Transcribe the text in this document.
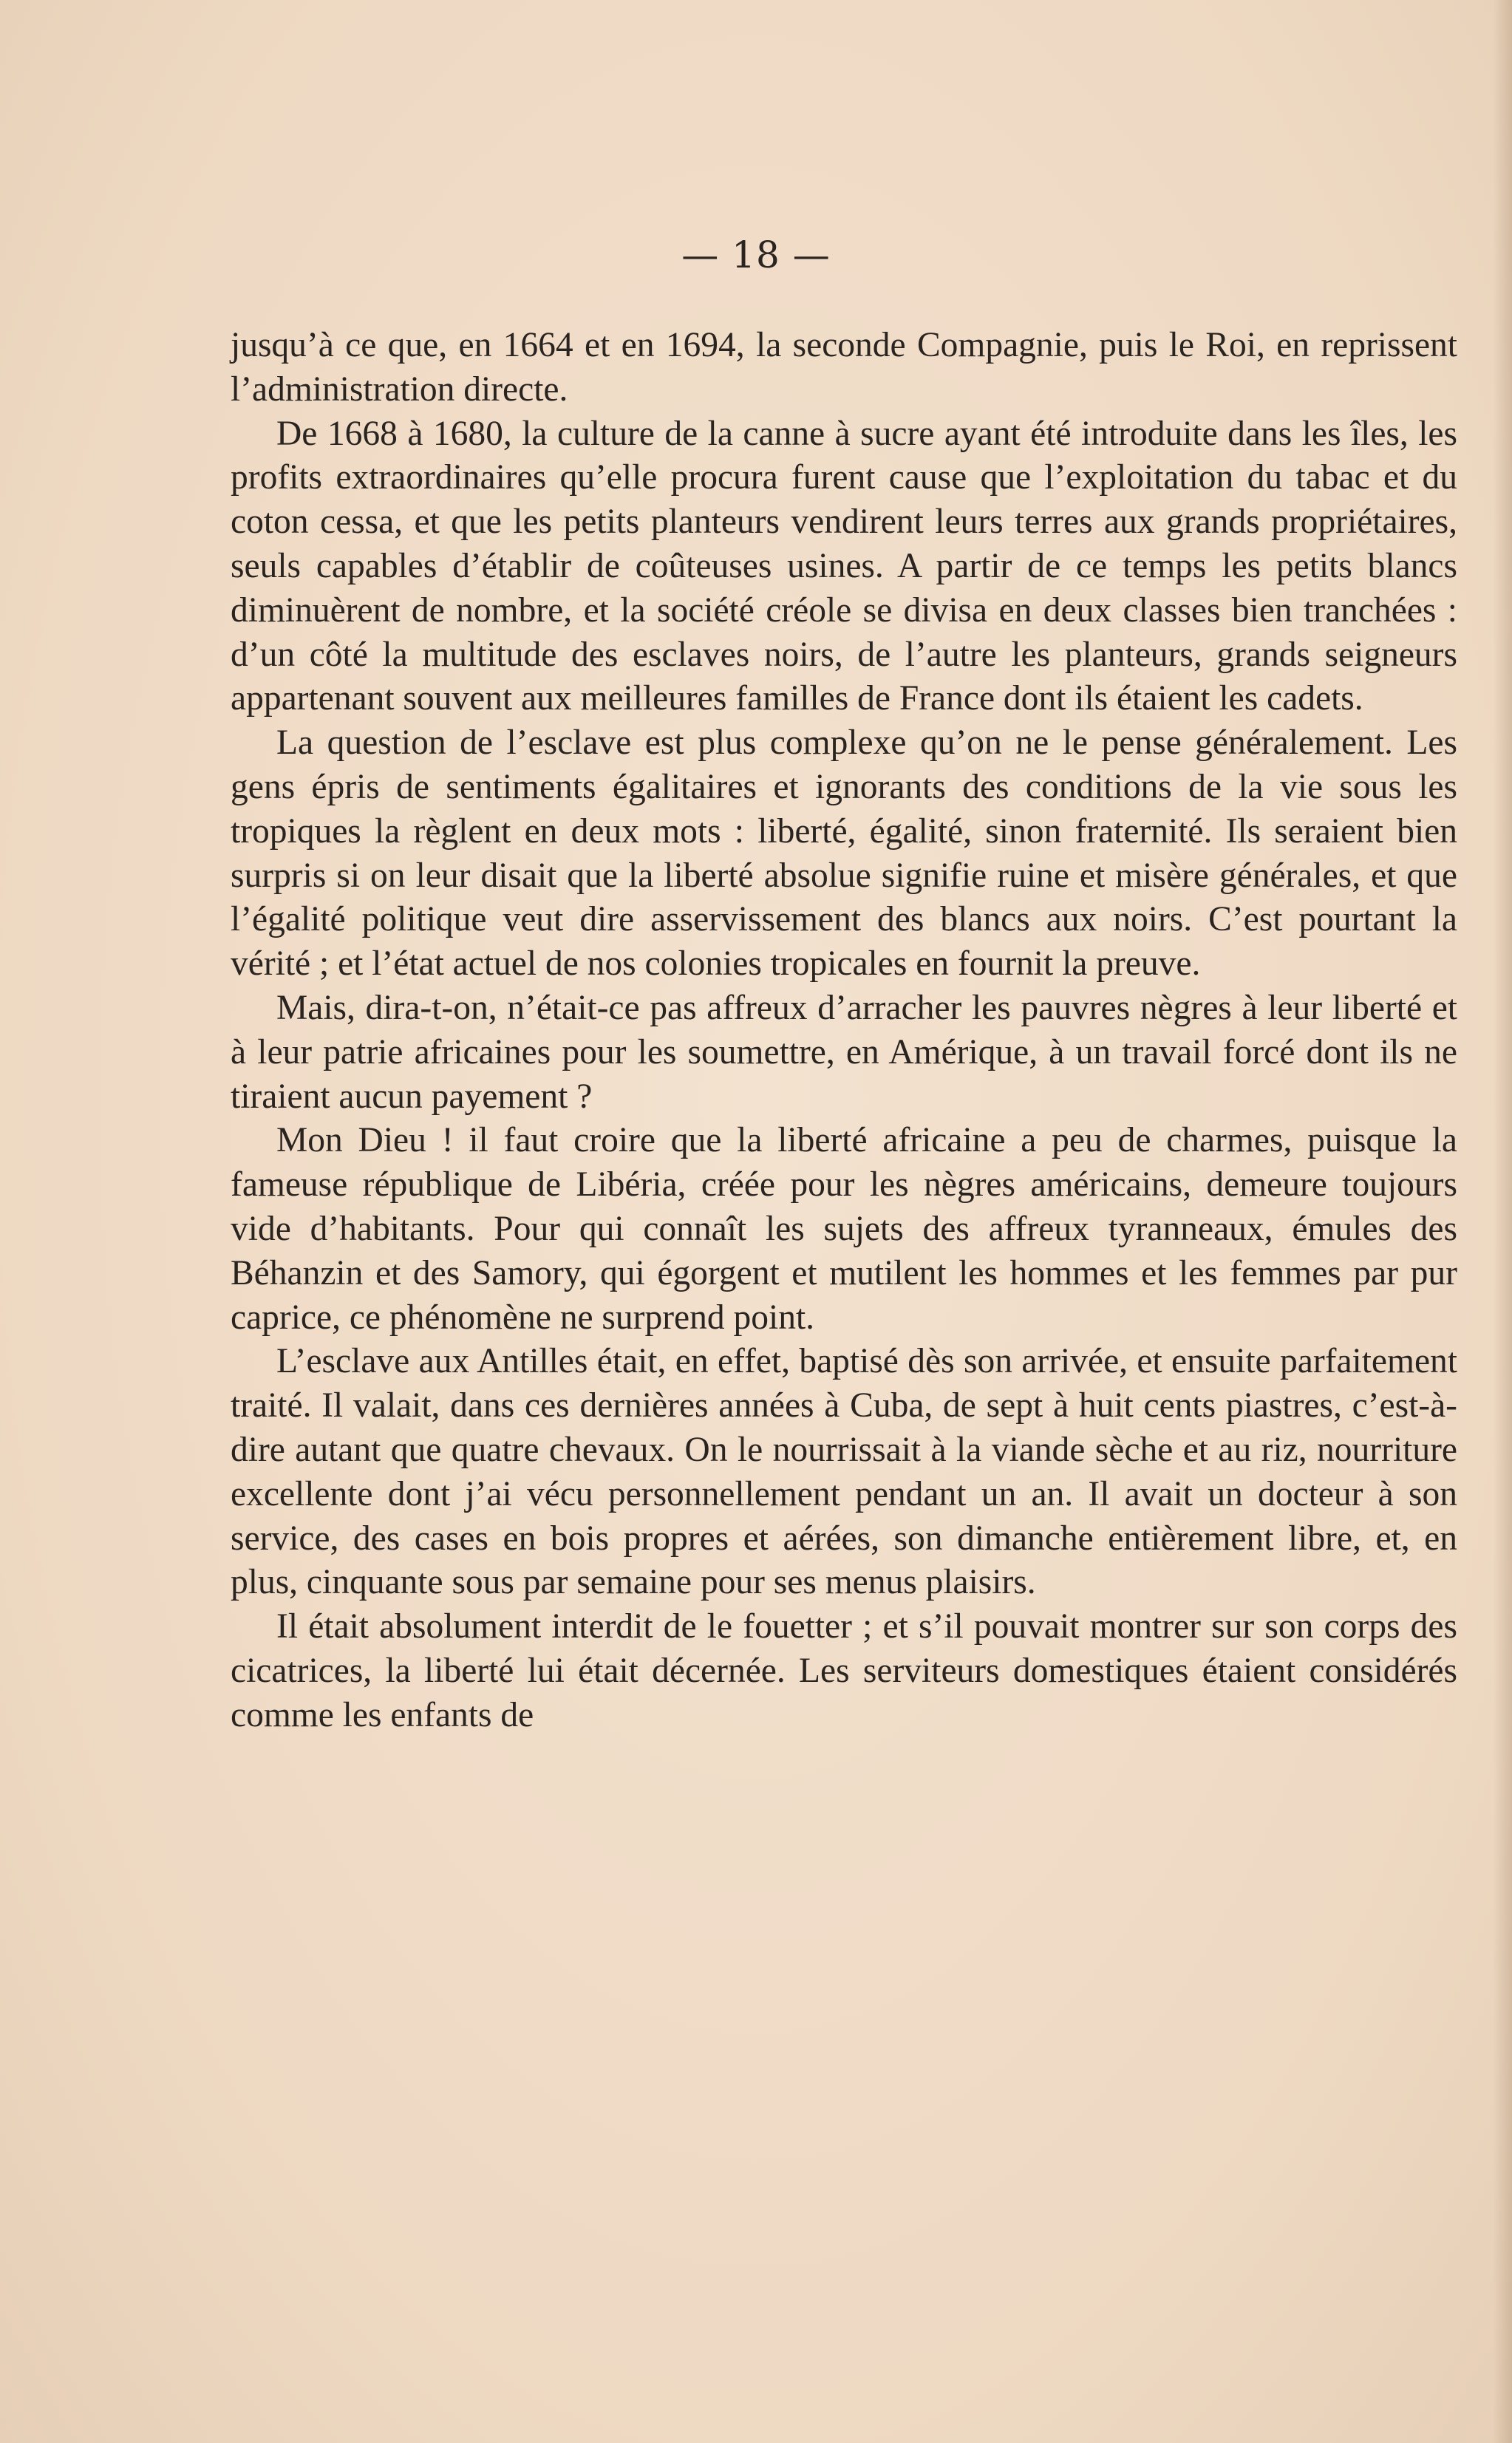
— 18 —

jusqu’à ce que, en 1664 et en 1694, la seconde Compagnie, puis le Roi, en reprissent l’administration directe.

De 1668 à 1680, la culture de la canne à sucre ayant été introduite dans les îles, les profits extraordinaires qu’elle procura furent cause que l’exploitation du tabac et du coton cessa, et que les petits planteurs vendirent leurs terres aux grands propriétaires, seuls capables d’établir de coûteuses usines. A partir de ce temps les petits blancs diminuèrent de nombre, et la société créole se divisa en deux classes bien tranchées : d’un côté la multitude des esclaves noirs, de l’autre les planteurs, grands seigneurs appartenant souvent aux meilleures familles de France dont ils étaient les cadets.

La question de l’esclave est plus complexe qu’on ne le pense généralement. Les gens épris de sentiments égalitaires et ignorants des conditions de la vie sous les tropiques la règlent en deux mots : liberté, égalité, sinon fraternité. Ils seraient bien surpris si on leur disait que la liberté absolue signifie ruine et misère générales, et que l’égalité politique veut dire asservissement des blancs aux noirs. C’est pourtant la vérité ; et l’état actuel de nos colonies tropicales en fournit la preuve.

Mais, dira-t-on, n’était-ce pas affreux d’arracher les pauvres nègres à leur liberté et à leur patrie africaines pour les soumettre, en Amérique, à un travail forcé dont ils ne tiraient aucun payement ?

Mon Dieu ! il faut croire que la liberté africaine a peu de charmes, puisque la fameuse république de Libéria, créée pour les nègres américains, demeure toujours vide d’habitants. Pour qui connaît les sujets des affreux tyranneaux, émules des Béhanzin et des Samory, qui égorgent et mutilent les hommes et les femmes par pur caprice, ce phénomène ne surprend point.

L’esclave aux Antilles était, en effet, baptisé dès son arrivée, et ensuite parfaitement traité. Il valait, dans ces dernières années à Cuba, de sept à huit cents piastres, c’est-à-dire autant que quatre chevaux. On le nourrissait à la viande sèche et au riz, nourriture excellente dont j’ai vécu personnellement pendant un an. Il avait un docteur à son service, des cases en bois propres et aérées, son dimanche entièrement libre, et, en plus, cinquante sous par semaine pour ses menus plaisirs.

Il était absolument interdit de le fouetter ; et s’il pouvait montrer sur son corps des cicatrices, la liberté lui était décernée. Les serviteurs domestiques étaient considérés comme les enfants de
